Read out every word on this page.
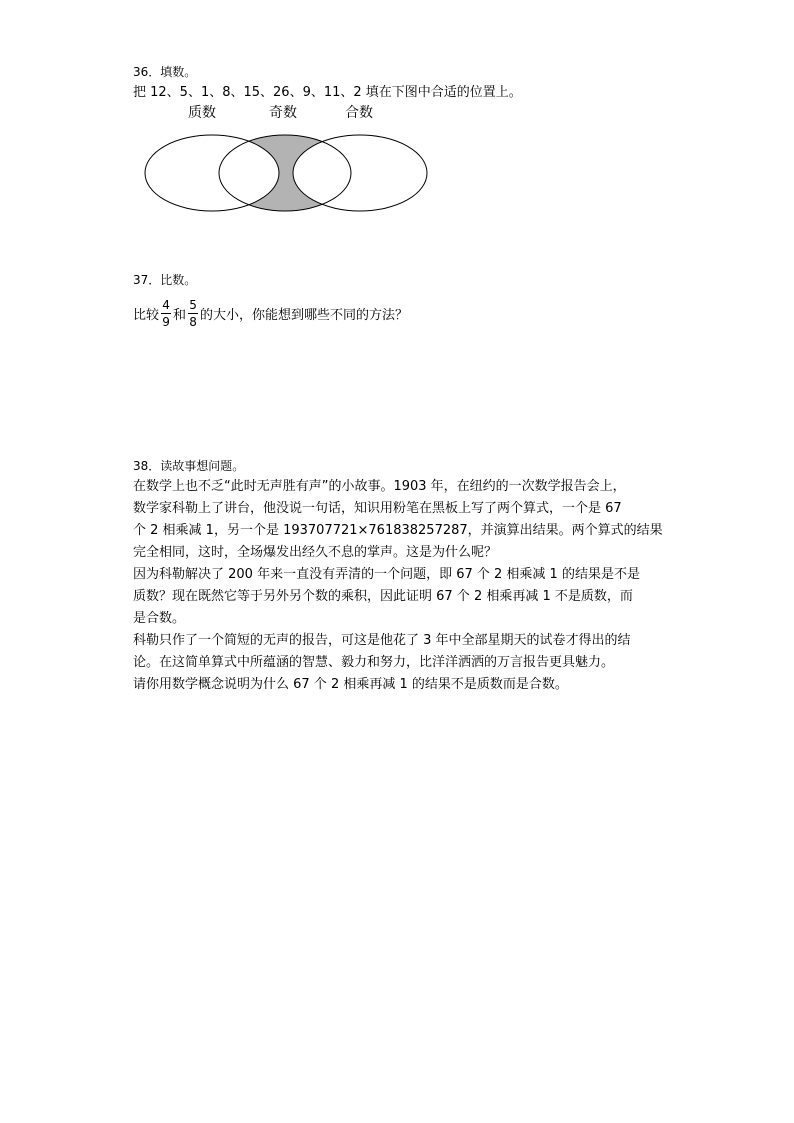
36．填数。
把 12、5、1、8、15、26、9、11、2 填在下图中合适的位置上。
质数	奇数	合数
37．比数。
比较 $\frac{4}{9}$ 和 $\frac{5}{8}$ 的大小，你能想到哪些不同的方法？
38．读故事想问题。
在数学上也不乏“此时无声胜有声”的小故事。1903 年，在纽约的一次数学报告会上，
数学家科勒上了讲台，他没说一句话，知识用粉笔在黑板上写了两个算式，一个是 67
个 2 相乘减 1，另一个是 193707721×761838257287，并演算出结果。两个算式的结果
完全相同，这时，全场爆发出经久不息的掌声。这是为什么呢？
因为科勒解决了 200 年来一直没有弄清的一个问题，即 67 个 2 相乘减 1 的结果是不是
质数？现在既然它等于另外另个数的乘积，因此证明 67 个 2 相乘再减 1 不是质数，而
是合数。
科勒只作了一个简短的无声的报告，可这是他花了 3 年中全部星期天的试卷才得出的结
论。在这简单算式中所蕴涵的智慧、毅力和努力，比洋洋洒洒的万言报告更具魅力。
请你用数学概念说明为什么 67 个 2 相乘再减 1 的结果不是质数而是合数。
